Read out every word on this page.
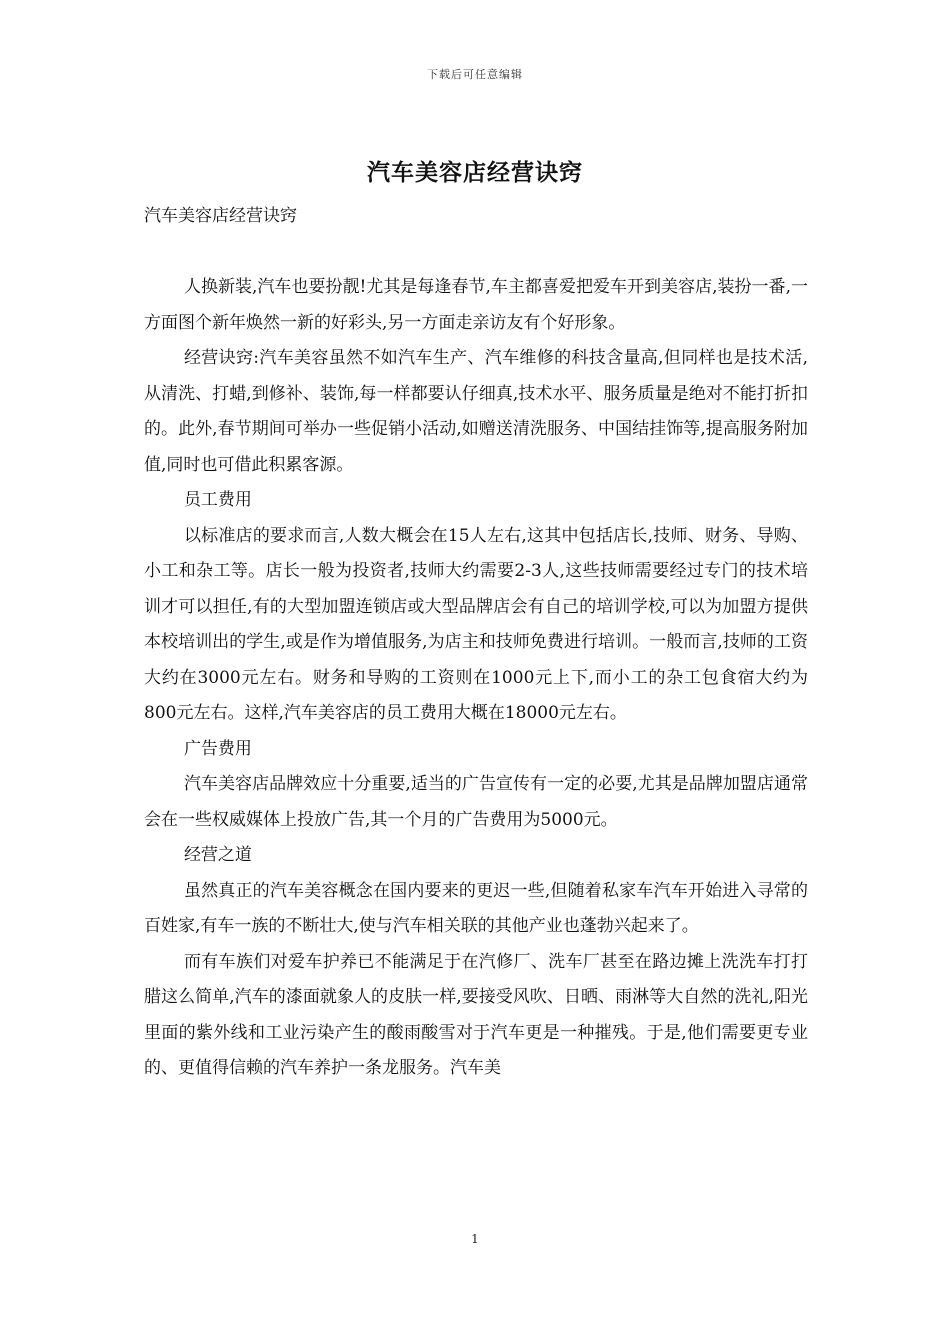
下载后可任意编辑
汽车美容店经营诀窍

汽车美容店经营诀窍

人换新装,汽车也要扮靓!尤其是每逢春节,车主都喜爱把爱车开到美容店,装扮一番,一方面图个新年焕然一新的好彩头,另一方面走亲访友有个好形象。

经营诀窍:汽车美容虽然不如汽车生产、汽车维修的科技含量高,但同样也是技术活,从清洗、打蜡,到修补、装饰,每一样都要认仔细真,技术水平、服务质量是绝对不能打折扣的。此外,春节期间可举办一些促销小活动,如赠送清洗服务、中国结挂饰等,提高服务附加值,同时也可借此积累客源。

员工费用

以标准店的要求而言,人数大概会在15人左右,这其中包括店长,技师、财务、导购、小工和杂工等。店长一般为投资者,技师大约需要2-3人,这些技师需要经过专门的技术培训才可以担任,有的大型加盟连锁店或大型品牌店会有自己的培训学校,可以为加盟方提供本校培训出的学生,或是作为增值服务,为店主和技师免费进行培训。一般而言,技师的工资大约在3000元左右。财务和导购的工资则在1000元上下,而小工的杂工包食宿大约为800元左右。这样,汽车美容店的员工费用大概在18000元左右。

广告费用

汽车美容店品牌效应十分重要,适当的广告宣传有一定的必要,尤其是品牌加盟店通常会在一些权威媒体上投放广告,其一个月的广告费用为5000元。

经营之道

虽然真正的汽车美容概念在国内要来的更迟一些,但随着私家车汽车开始进入寻常的百姓家,有车一族的不断壮大,使与汽车相关联的其他产业也蓬勃兴起来了。

而有车族们对爱车护养已不能满足于在汽修厂、洗车厂甚至在路边摊上洗洗车打打腊这么简单,汽车的漆面就象人的皮肤一样,要接受风吹、日晒、雨淋等大自然的洗礼,阳光里面的紫外线和工业污染产生的酸雨酸雪对于汽车更是一种摧残。于是,他们需要更专业的、更值得信赖的汽车养护一条龙服务。汽车美

1
